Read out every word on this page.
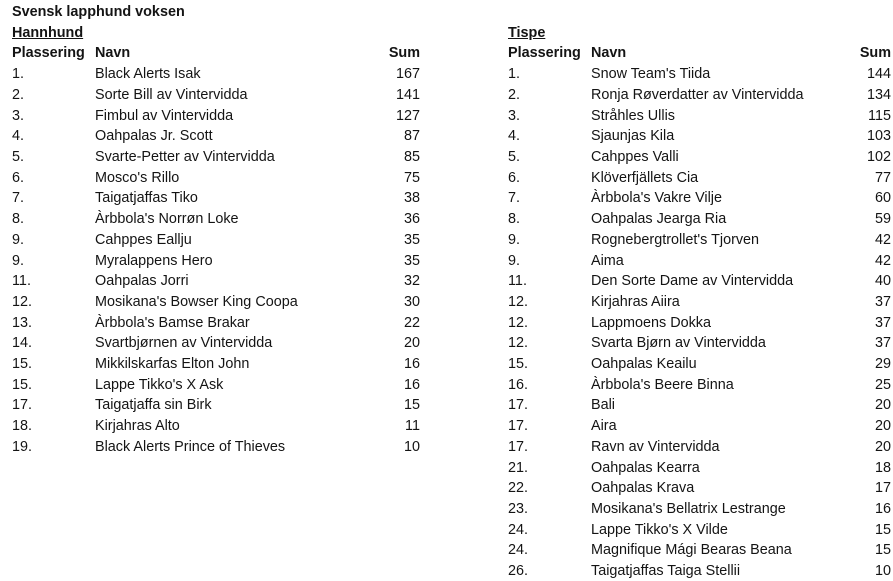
Svensk lapphund voksen
Hannhund
Plassering	Navn	Sum
1.	Black Alerts Isak	167
2.	Sorte Bill av Vintervidda	141
3.	Fimbul av Vintervidda	127
4.	Oahpalas Jr. Scott	87
5.	Svarte-Petter av Vintervidda	85
6.	Mosco's Rillo	75
7.	Taigatjaffas Tiko	38
8.	Àrbbola's Norrøn Loke	36
9.	Cahppes Eallju	35
9.	Myralappens Hero	35
11.	Oahpalas Jorri	32
12.	Mosikana's Bowser King Coopa	30
13.	Àrbbola's Bamse Brakar	22
14.	Svartbjørnen av Vintervidda	20
15.	Mikkilskarfas Elton John	16
15.	Lappe Tikko's X Ask	16
17.	Taigatjaffa sin Birk	15
18.	Kirjahras Alto	11
19.	Black Alerts Prince of Thieves	10
Tispe
Plassering	Navn	Sum
1.	Snow Team's Tiida	144
2.	Ronja Røverdatter av Vintervidda	134
3.	Stråhles Ullis	115
4.	Sjaunjas Kila	103
5.	Cahppes Valli	102
6.	Klöverfjällets Cia	77
7.	Àrbbola's Vakre Vilje	60
8.	Oahpalas Jearga Ria	59
9.	Rognebergtrollet's Tjorven	42
9.	Aima	42
11.	Den Sorte Dame av Vintervidda	40
12.	Kirjahras Aiira	37
12.	Lappmoens Dokka	37
12.	Svarta Bjørn av Vintervidda	37
15.	Oahpalas Keailu	29
16.	Àrbbola's Beere Binna	25
17.	Bali	20
17.	Aira	20
17.	Ravn av Vintervidda	20
21.	Oahpalas Kearra	18
22.	Oahpalas Krava	17
23.	Mosikana's Bellatrix Lestrange	16
24.	Lappe Tikko's X Vilde	15
24.	Magnifique Mági Bearas Beana	15
26.	Taigatjaffas Taiga Stellii	10
